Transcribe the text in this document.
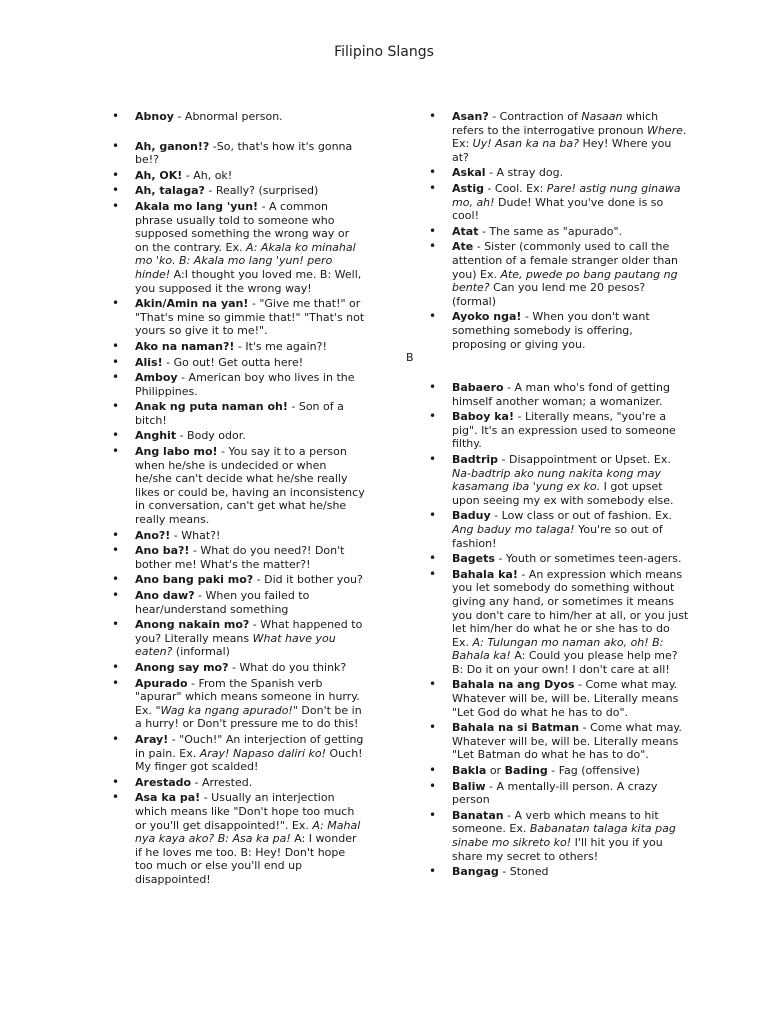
Filipino Slangs
• Abnoy - Abnormal person.
• Ah, ganon!? -So, that's how it's gonna be!?
• Ah, OK! - Ah, ok!
• Ah, talaga? - Really? (surprised)
• Akala mo lang 'yun! - A common phrase usually told to someone who supposed something the wrong way or on the contrary. Ex. A: Akala ko minahal mo 'ko. B: Akala mo lang 'yun! pero hinde! A:I thought you loved me. B: Well, you supposed it the wrong way!
• Akin/Amin na yan! - "Give me that!" or "That's mine so gimmie that!" "That's not yours so give it to me!".
• Ako na naman?! - It's me again?!
• Alis! - Go out! Get outta here!
• Amboy - American boy who lives in the Philippines.
• Anak ng puta naman oh! - Son of a bitch!
• Anghit - Body odor.
• Ang labo mo! - You say it to a person when he/she is undecided or when he/she can't decide what he/she really likes or could be, having an inconsistency in conversation, can't get what he/she really means.
• Ano?! - What?!
• Ano ba?! - What do you need?! Don't bother me! What's the matter?!
• Ano bang paki mo? - Did it bother you?
• Ano daw? - When you failed to hear/understand something
• Anong nakain mo? - What happened to you? Literally means What have you eaten? (informal)
• Anong say mo? - What do you think?
• Apurado - From the Spanish verb "apurar" which means someone in hurry. Ex. "Wag ka ngang apurado!" Don't be in a hurry! or Don't pressure me to do this!
• Aray! - "Ouch!" An interjection of getting in pain. Ex. Aray! Napaso daliri ko! Ouch! My finger got scalded!
• Arestado - Arrested.
• Asa ka pa! - Usually an interjection which means like "Don't hope too much or you'll get disappointed!". Ex. A: Mahal nya kaya ako? B: Asa ka pa! A: I wonder if he loves me too. B: Hey! Don't hope too much or else you'll end up disappointed!
• Asan? - Contraction of Nasaan which refers to the interrogative pronoun Where. Ex: Uy! Asan ka na ba? Hey! Where you at?
• Askal - A stray dog.
• Astig - Cool. Ex: Pare! astig nung ginawa mo, ah! Dude! What you've done is so cool!
• Atat - The same as "apurado".
• Ate - Sister (commonly used to call the attention of a female stranger older than you) Ex. Ate, pwede po bang pautang ng bente? Can you lend me 20 pesos? (formal)
• Ayoko nga! - When you don't want something somebody is offering, proposing or giving you.
B
• Babaero - A man who's fond of getting himself another woman; a womanizer.
• Baboy ka! - Literally means, "you're a pig". It's an expression used to someone filthy.
• Badtrip - Disappointment or Upset. Ex. Na-badtrip ako nung nakita kong may kasamang iba 'yung ex ko. I got upset upon seeing my ex with somebody else.
• Baduy - Low class or out of fashion. Ex. Ang baduy mo talaga! You're so out of fashion!
• Bagets - Youth or sometimes teen-agers.
• Bahala ka! - An expression which means you let somebody do something without giving any hand, or sometimes it means you don't care to him/her at all, or you just let him/her do what he or she has to do Ex. A: Tulungan mo naman ako, oh! B: Bahala ka! A: Could you please help me? B: Do it on your own! I don't care at all!
• Bahala na ang Dyos - Come what may. Whatever will be, will be. Literally means "Let God do what he has to do".
• Bahala na si Batman - Come what may. Whatever will be, will be. Literally means "Let Batman do what he has to do".
• Bakla or Bading - Fag (offensive)
• Baliw - A mentally-ill person. A crazy person
• Banatan - A verb which means to hit someone. Ex. Babanatan talaga kita pag sinabe mo sikreto ko! I'll hit you if you share my secret to others!
• Bangag - Stoned
